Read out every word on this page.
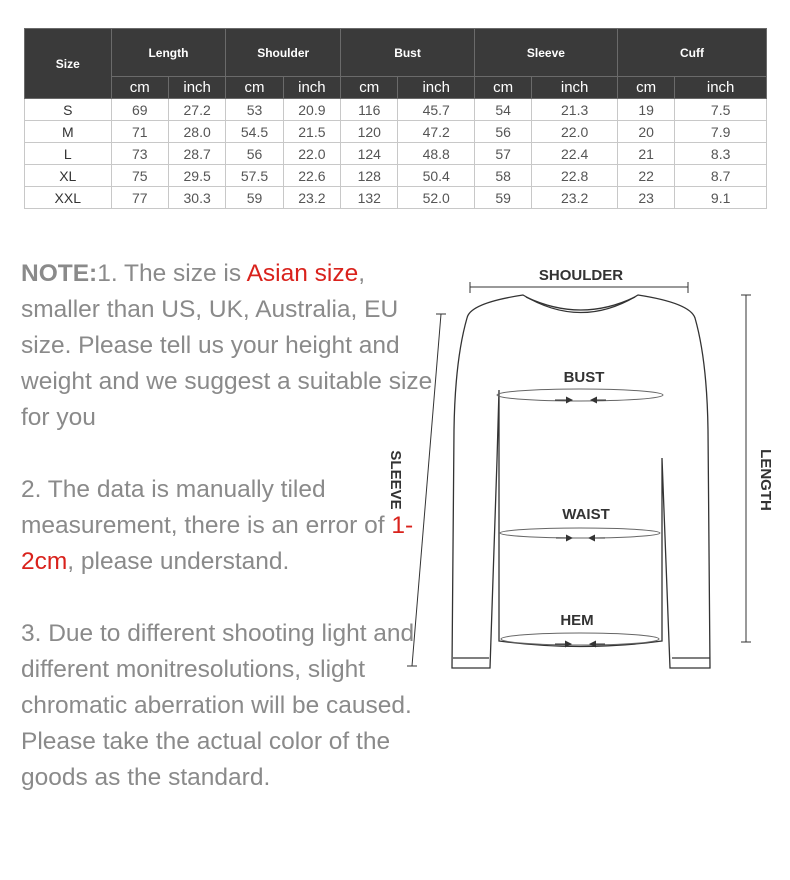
Size	Length		Shoulder		Bust		Sleeve		Cuff	
	cm	inch	cm	inch	cm	inch	cm	inch	cm	inch
S	69	27.2	53	20.9	116	45.7	54	21.3	19	7.5
M	71	28.0	54.5	21.5	120	47.2	56	22.0	20	7.9
L	73	28.7	56	22.0	124	48.8	57	22.4	21	8.3
XL	75	29.5	57.5	22.6	128	50.4	58	22.8	22	8.7
XXL	77	30.3	59	23.2	132	52.0	59	23.2	23	9.1

NOTE:1. The size is Asian size, smaller than US, UK, Australia, EU size. Please tell us your height and weight and we suggest a suitable size for you

2. The data is manually tiled measurement, there is an error of 1-2cm, please understand.

3. Due to different shooting light and different monitresolutions, slight chromatic aberration will be caused. Please take the actual color of the goods as the standard.

SHOULDER
BUST
WAIST
HEM
SLEEVE	LENGTH
